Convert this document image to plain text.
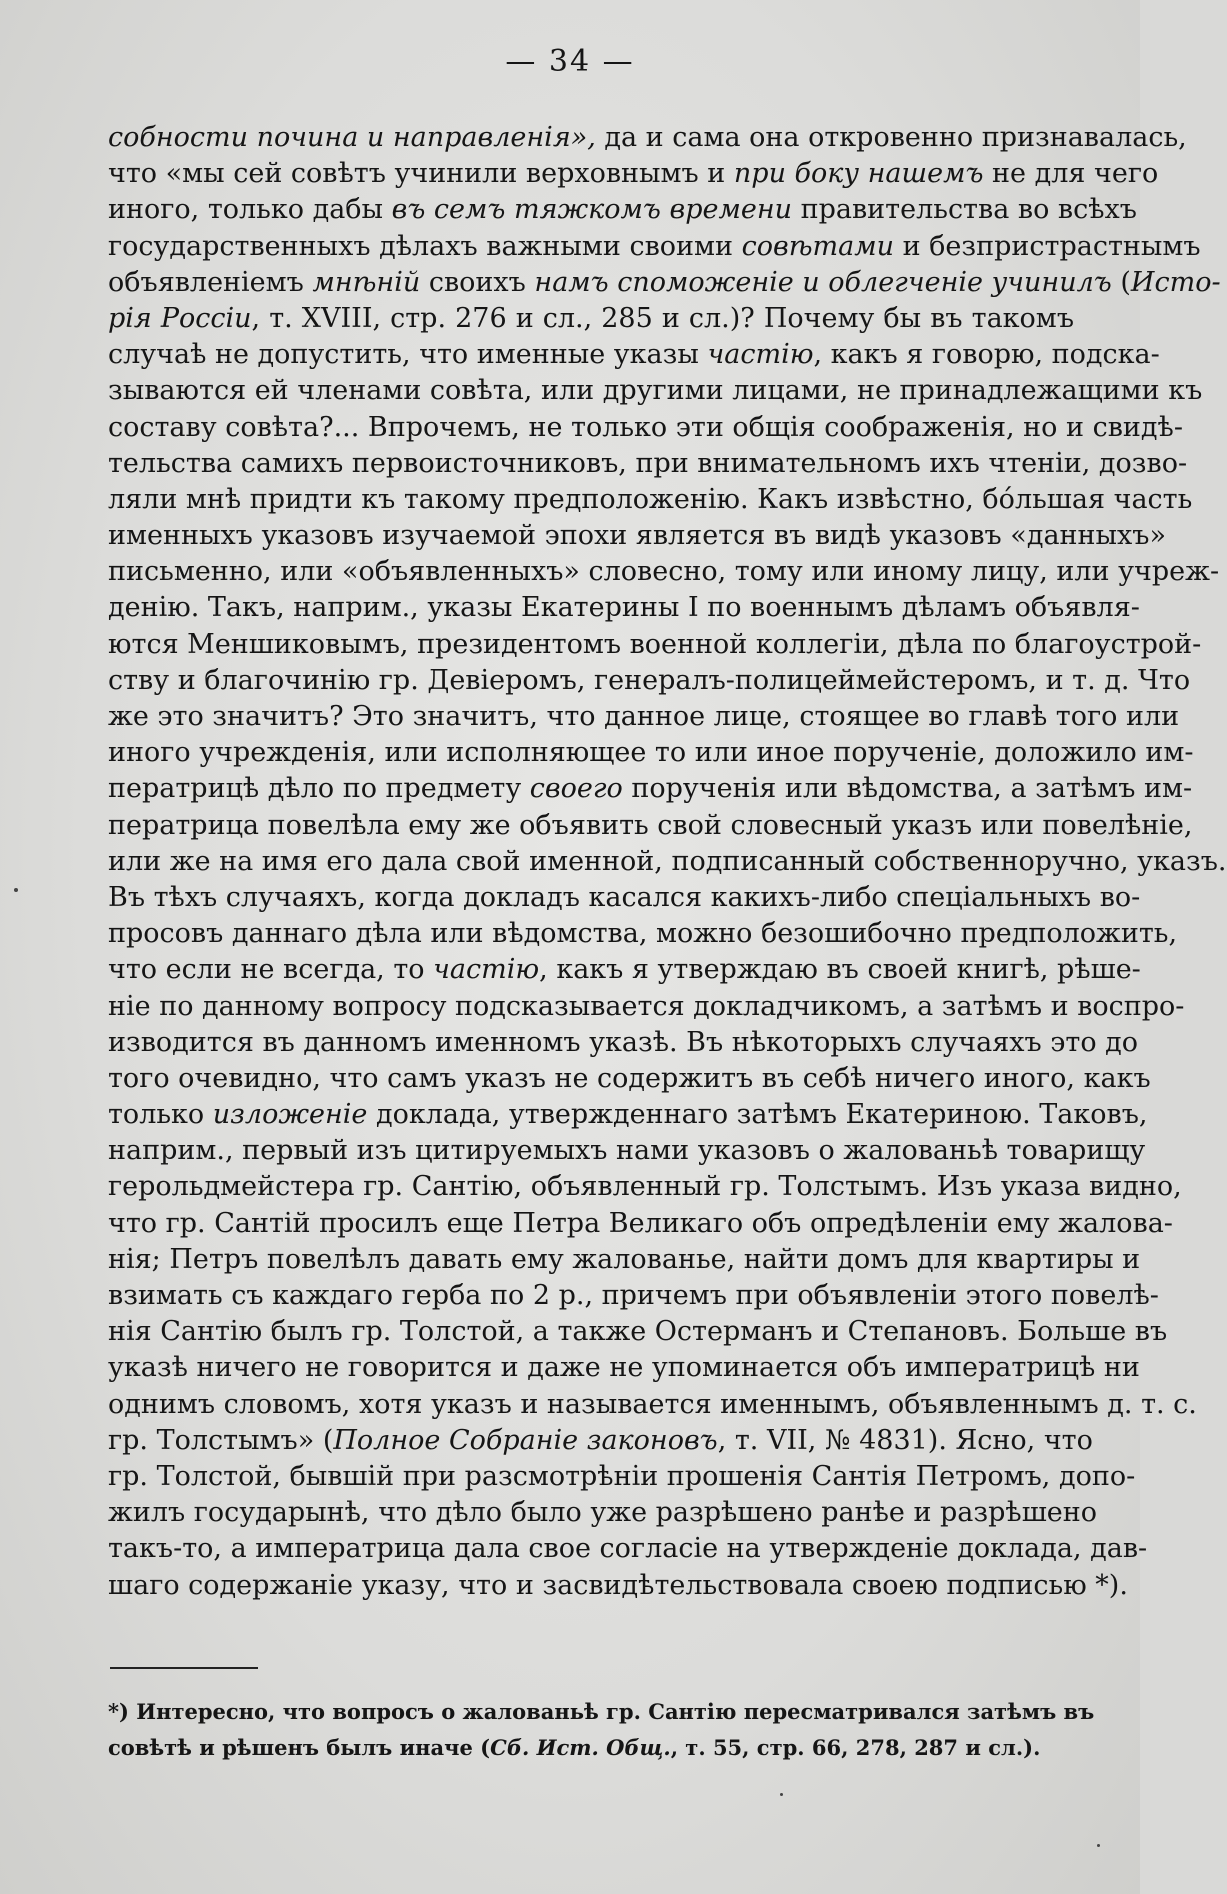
— 34 —
собности почина и направленія», да и сама она откровенно признавалась,
что «мы сей совѣтъ учинили верховнымъ и при боку нашемъ не для чего
иного, только дабы въ семъ тяжкомъ времени правительства во всѣхъ
государственныхъ дѣлахъ важными своими совѣтами и безпристрастнымъ
объявленіемъ мнѣній своихъ намъ споможеніе и облегченіе учинилъ (Исто-
рія Россіи, т. XVIII, стр. 276 и сл., 285 и сл.)? Почему бы въ такомъ
случаѣ не допустить, что именные указы частію, какъ я говорю, подска-
зываются ей членами совѣта, или другими лицами, не принадлежащими къ
составу совѣта?... Впрочемъ, не только эти общія соображенія, но и свидѣ-
тельства самихъ первоисточниковъ, при внимательномъ ихъ чтеніи, дозво-
ляли мнѣ придти къ такому предположенію. Какъ извѣстно, бóльшая часть
именныхъ указовъ изучаемой эпохи является въ видѣ указовъ «данныхъ»
письменно, или «объявленныхъ» словесно, тому или иному лицу, или учреж-
денію. Такъ, наприм., указы Екатерины I по военнымъ дѣламъ объявля-
ются Меншиковымъ, президентомъ военной коллегіи, дѣла по благоустрой-
ству и благочинію гр. Девіеромъ, генералъ-полицеймейстеромъ, и т. д. Что
же это значитъ? Это значитъ, что данное лице, стоящее во главѣ того или
иного учрежденія, или исполняющее то или иное порученіе, доложило им-
ператрицѣ дѣло по предмету своего порученія или вѣдомства, а затѣмъ им-
ператрица повелѣла ему же объявить свой словесный указъ или повелѣніе,
или же на имя его дала свой именной, подписанный собственноручно, указъ.
Въ тѣхъ случаяхъ, когда докладъ касался какихъ-либо спеціальныхъ во-
просовъ даннаго дѣла или вѣдомства, можно безошибочно предположить,
что если не всегда, то частію, какъ я утверждаю въ своей книгѣ, рѣше-
ніе по данному вопросу подсказывается докладчикомъ, а затѣмъ и воспро-
изводится въ данномъ именномъ указѣ. Въ нѣкоторыхъ случаяхъ это до
того очевидно, что самъ указъ не содержитъ въ себѣ ничего иного, какъ
только изложеніе доклада, утвержденнаго затѣмъ Екатериною. Таковъ,
наприм., первый изъ цитируемыхъ нами указовъ о жалованьѣ товарищу
герольдмейстера гр. Сантію, объявленный гр. Толстымъ. Изъ указа видно,
что гр. Сантій просилъ еще Петра Великаго объ опредѣленіи ему жалова-
нія; Петръ повелѣлъ давать ему жалованье, найти домъ для квартиры и
взимать съ каждаго герба по 2 р., причемъ при объявленіи этого повелѣ-
нія Сантію былъ гр. Толстой, а также Остерманъ и Степановъ. Больше въ
указѣ ничего не говорится и даже не упоминается объ императрицѣ ни
однимъ словомъ, хотя указъ и называется именнымъ, объявленнымъ д. т. с.
гр. Толстымъ» (Полное Собраніе законовъ, т. VII, № 4831). Ясно, что
гр. Толстой, бывшій при разсмотрѣніи прошенія Сантія Петромъ, допо-
жилъ государынѣ, что дѣло было уже разрѣшено ранѣе и разрѣшено
такъ-то, а императрица дала свое согласіе на утвержденіе доклада, дав-
шаго содержаніе указу, что и засвидѣтельствовала своею подписью *).
*) Интересно, что вопросъ о жалованьѣ гр. Сантію пересматривался затѣмъ въ
совѣтѣ и рѣшенъ былъ иначе (Сб. Ист. Общ., т. 55, стр. 66, 278, 287 и сл.).
